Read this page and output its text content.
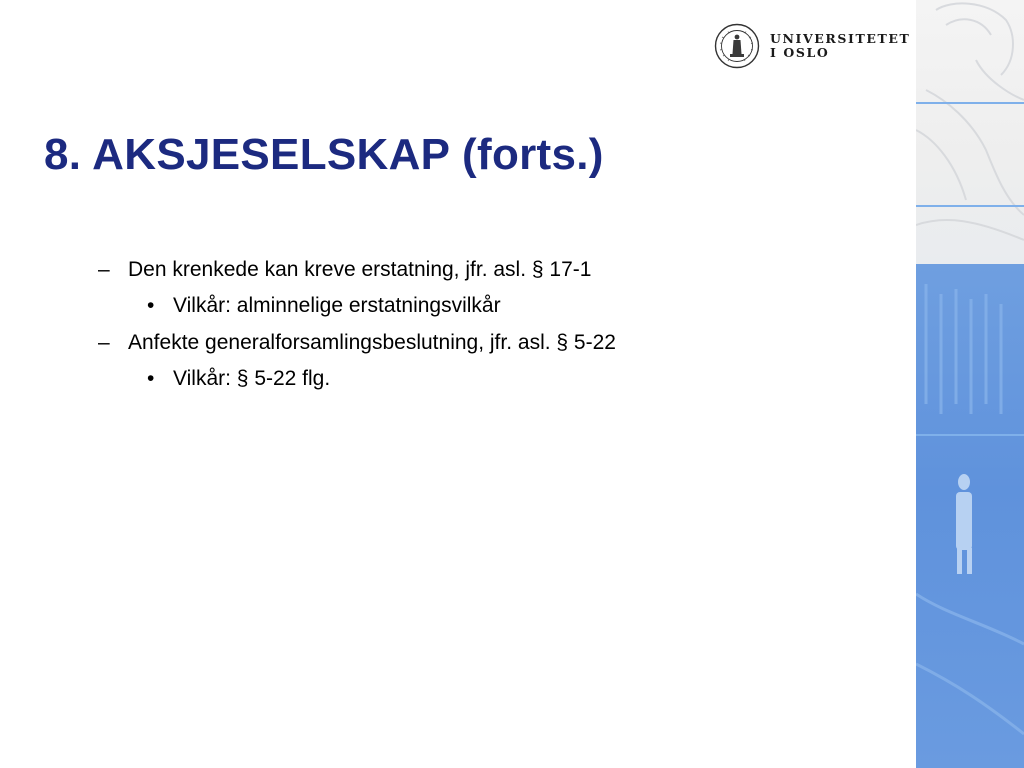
UNIVERSITETET
I OSLO
8. AKSJESELSKAP (forts.)
– Den krenkede kan kreve erstatning, jfr. asl. § 17-1
• Vilkår: alminnelige erstatningsvilkår
– Anfekte generalforsamlingsbeslutning, jfr. asl. § 5-22
• Vilkår: § 5-22 flg.
